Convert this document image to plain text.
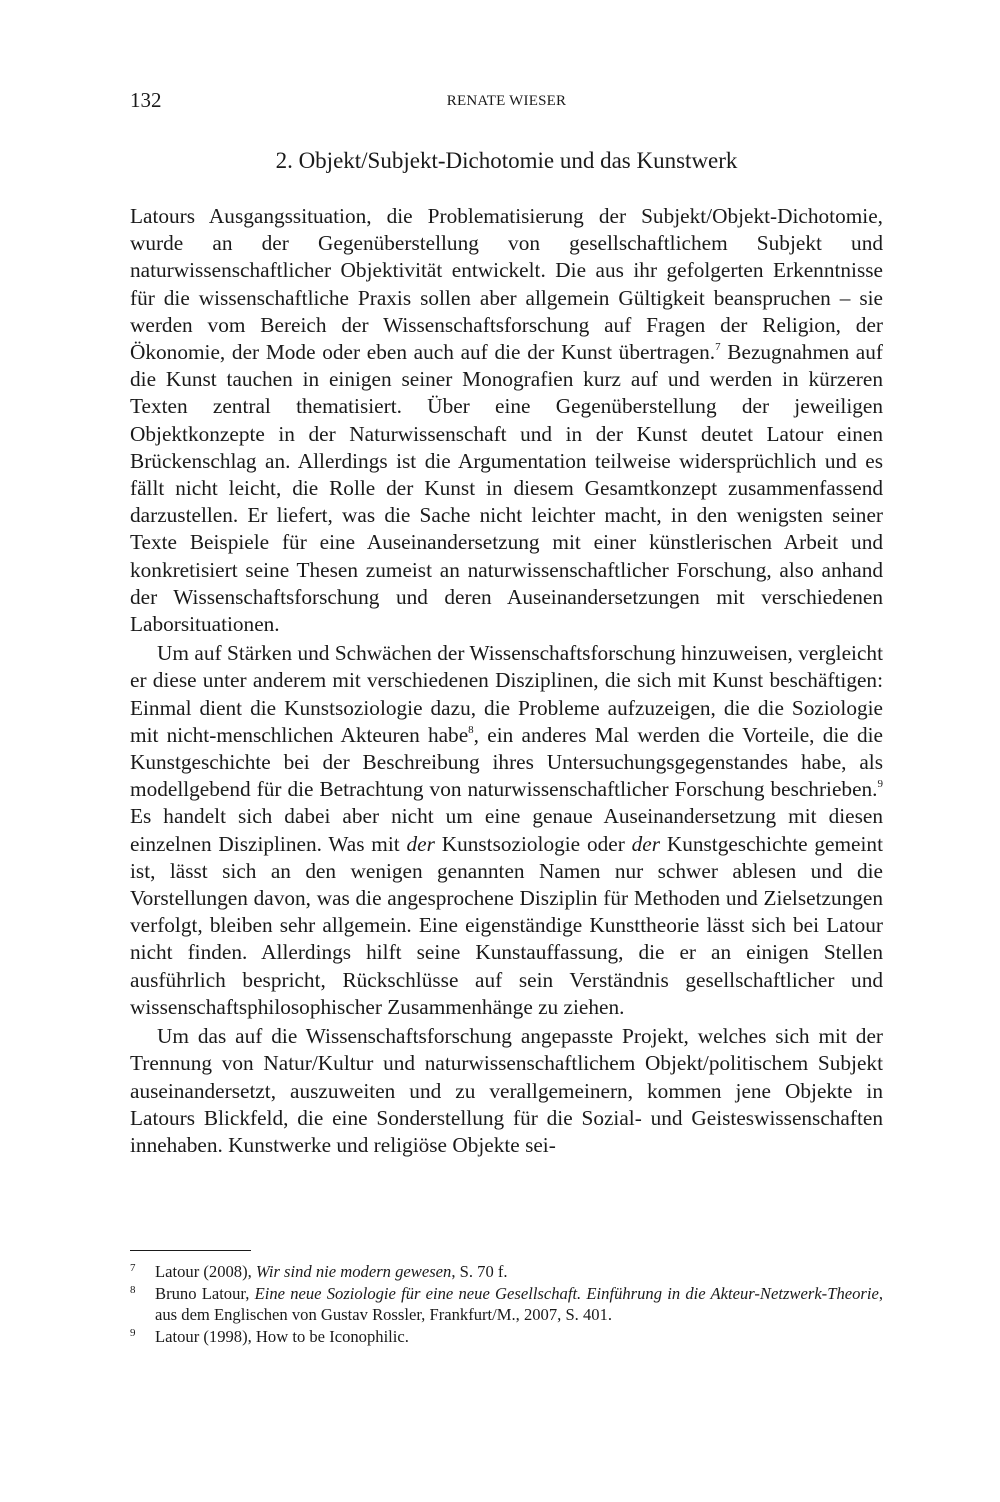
132	RENATE WIESER
2. Objekt/Subjekt-Dichotomie und das Kunstwerk

Latours Ausgangssituation, die Problematisierung der Subjekt/Objekt-Dichotomie, wurde an der Gegenüberstellung von gesellschaftlichem Subjekt und naturwissenschaftlicher Objektivität entwickelt. Die aus ihr gefolgerten Erkenntnisse für die wissenschaftliche Praxis sollen aber allgemein Gültigkeit beanspruchen – sie werden vom Bereich der Wissenschaftsforschung auf Fragen der Religion, der Ökonomie, der Mode oder eben auch auf die der Kunst übertragen.$^7$ Bezugnahmen auf die Kunst tauchen in einigen seiner Monografien kurz auf und werden in kürzeren Texten zentral thematisiert. Über eine Gegenüberstellung der jeweiligen Objektkonzepte in der Naturwissenschaft und in der Kunst deutet Latour einen Brückenschlag an. Allerdings ist die Argumentation teilweise widersprüchlich und es fällt nicht leicht, die Rolle der Kunst in diesem Gesamtkonzept zusammenfassend darzustellen. Er liefert, was die Sache nicht leichter macht, in den wenigsten seiner Texte Beispiele für eine Auseinandersetzung mit einer künstlerischen Arbeit und konkretisiert seine Thesen zumeist an naturwissenschaftlicher Forschung, also anhand der Wissenschaftsforschung und deren Auseinandersetzungen mit verschiedenen Laborsituationen.

Um auf Stärken und Schwächen der Wissenschaftsforschung hinzuweisen, vergleicht er diese unter anderem mit verschiedenen Disziplinen, die sich mit Kunst beschäftigen: Einmal dient die Kunstsoziologie dazu, die Probleme aufzuzeigen, die die Soziologie mit nicht-menschlichen Akteuren habe$^8$, ein anderes Mal werden die Vorteile, die die Kunstgeschichte bei der Beschreibung ihres Untersuchungsgegenstandes habe, als modellgebend für die Betrachtung von naturwissenschaftlicher Forschung beschrieben.$^9$ Es handelt sich dabei aber nicht um eine genaue Auseinandersetzung mit diesen einzelnen Disziplinen. Was mit der Kunstsoziologie oder der Kunstgeschichte gemeint ist, lässt sich an den wenigen genannten Namen nur schwer ablesen und die Vorstellungen davon, was die angesprochene Disziplin für Methoden und Zielsetzungen verfolgt, bleiben sehr allgemein. Eine eigenständige Kunsttheorie lässt sich bei Latour nicht finden. Allerdings hilft seine Kunstauffassung, die er an einigen Stellen ausführlich bespricht, Rückschlüsse auf sein Verständnis gesellschaftlicher und wissenschaftsphilosophischer Zusammenhänge zu ziehen.

Um das auf die Wissenschaftsforschung angepasste Projekt, welches sich mit der Trennung von Natur/Kultur und naturwissenschaftlichem Objekt/politischem Subjekt auseinandersetzt, auszuweiten und zu verallgemeinern, kommen jene Objekte in Latours Blickfeld, die eine Sonderstellung für die Sozial- und Geisteswissenschaften innehaben. Kunstwerke und religiöse Objekte sei-

7 Latour (2008), Wir sind nie modern gewesen, S. 70 f.
8 Bruno Latour, Eine neue Soziologie für eine neue Gesellschaft. Einführung in die Akteur-Netzwerk-Theorie, aus dem Englischen von Gustav Rossler, Frankfurt/M., 2007, S. 401.
9 Latour (1998), How to be Iconophilic.
